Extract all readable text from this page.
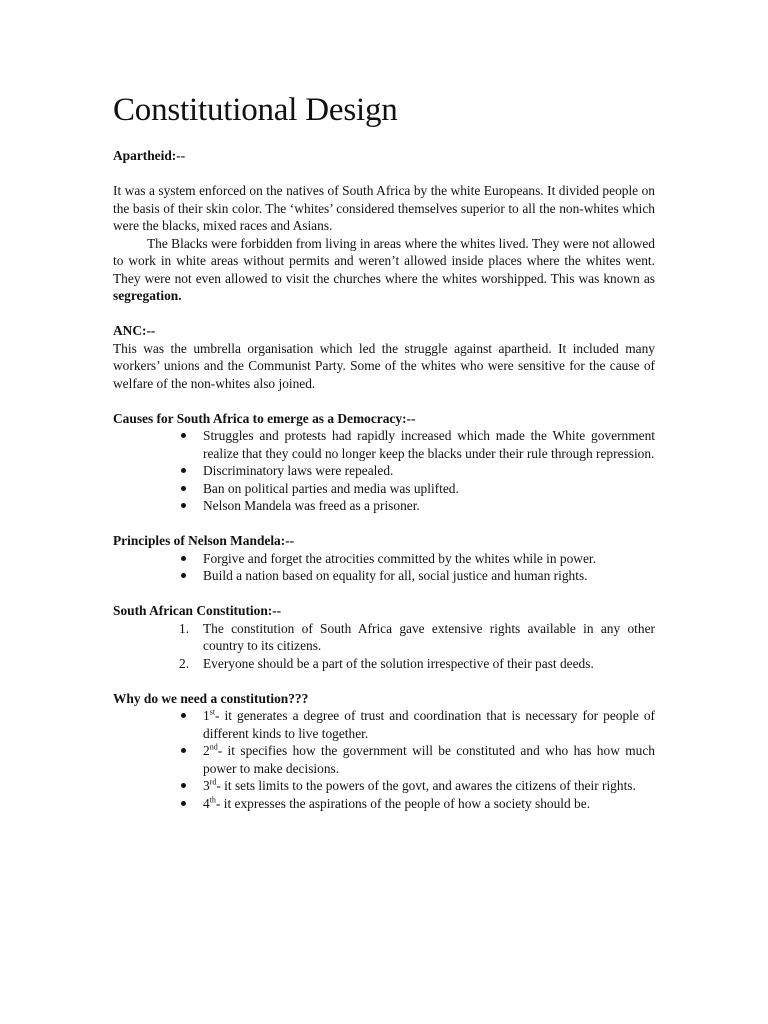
Constitutional Design

Apartheid:--

It was a system enforced on the natives of South Africa by the white Europeans. It divided people on the basis of their skin color. The ‘whites’ considered themselves superior to all the non-whites which were the blacks, mixed races and Asians.

The Blacks were forbidden from living in areas where the whites lived. They were not allowed to work in white areas without permits and weren’t allowed inside places where the whites went. They were not even allowed to visit the churches where the whites worshipped. This was known as segregation.

ANC:--

This was the umbrella organisation which led the struggle against apartheid. It included many workers’ unions and the Communist Party. Some of the whites who were sensitive for the cause of welfare of the non-whites also joined.

Causes for South Africa to emerge as a Democracy:--

Struggles and protests had rapidly increased which made the White government realize that they could no longer keep the blacks under their rule through repression.
Discriminatory laws were repealed.
Ban on political parties and media was uplifted.
Nelson Mandela was freed as a prisoner.

Principles of Nelson Mandela:--

Forgive and forget the atrocities committed by the whites while in power.
Build a nation based on equality for all, social justice and human rights.

South African Constitution:--

1. The constitution of South Africa gave extensive rights available in any other country to its citizens.
2. Everyone should be a part of the solution irrespective of their past deeds.

Why do we need a constitution???

1st- it generates a degree of trust and coordination that is necessary for people of different kinds to live together.
2nd- it specifies how the government will be constituted and who has how much power to make decisions.
3rd- it sets limits to the powers of the govt, and awares the citizens of their rights.
4th- it expresses the aspirations of the people of how a society should be.
